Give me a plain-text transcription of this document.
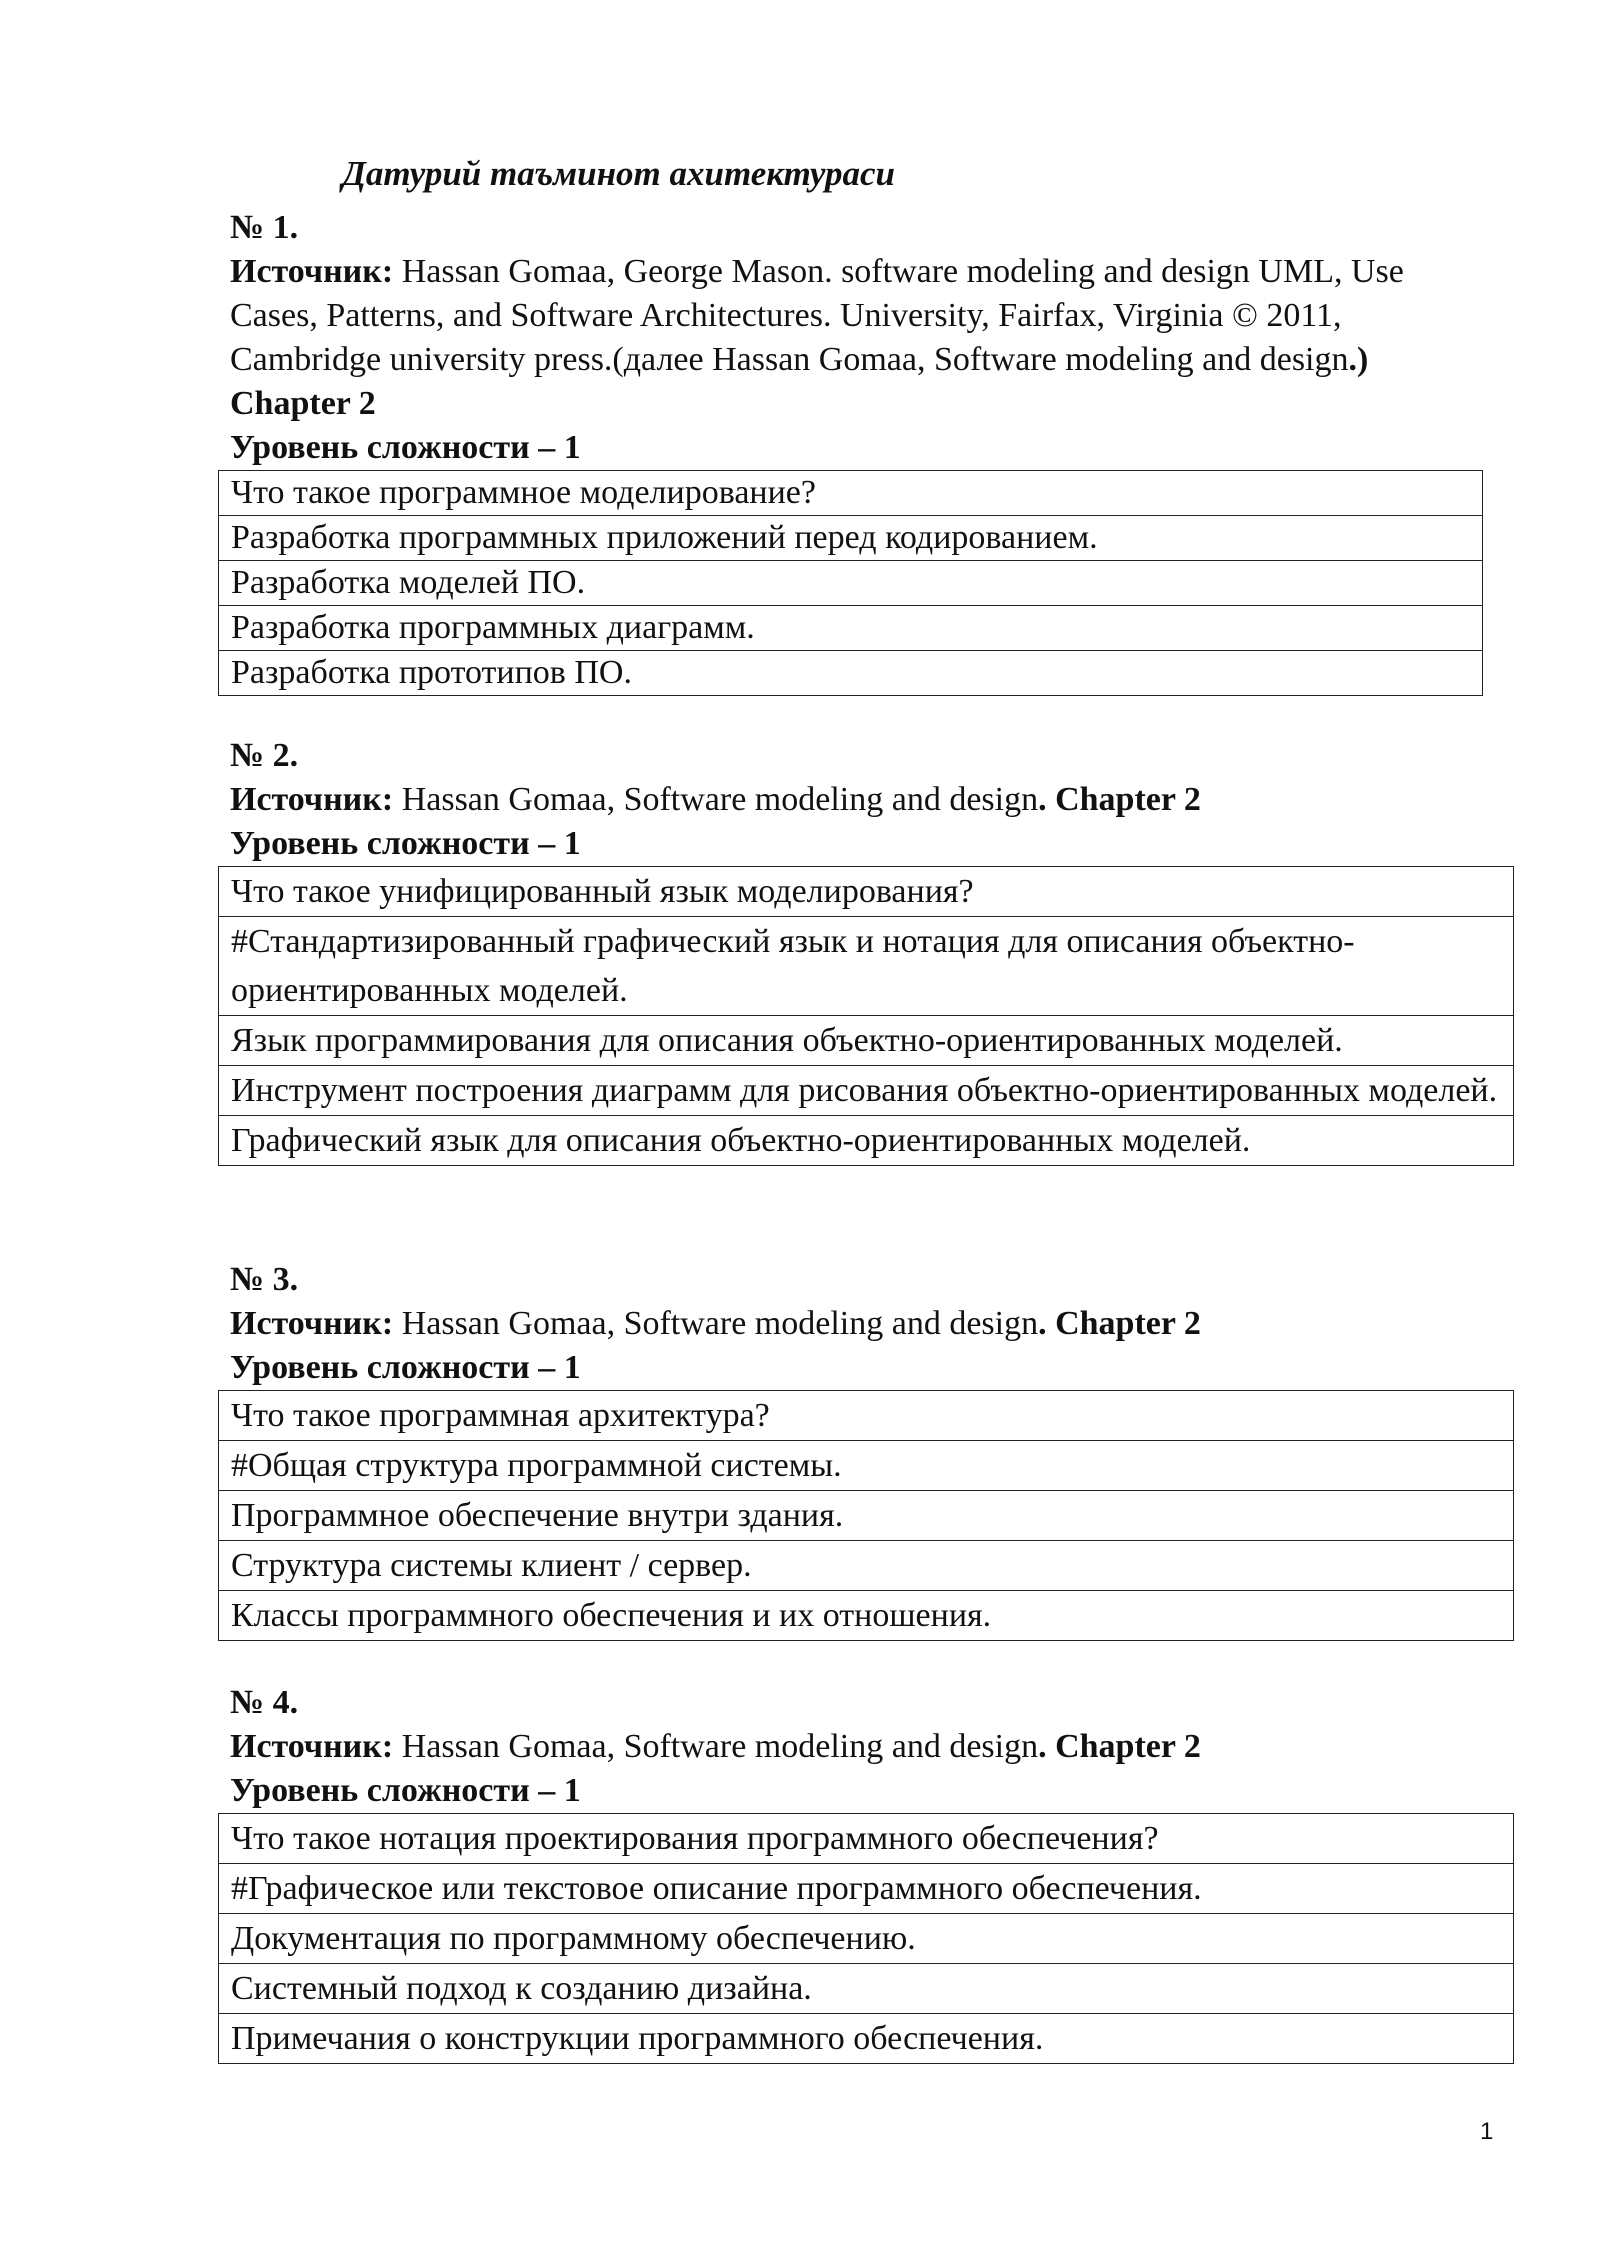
Датурий таъминот ахитектураси

№ 1.

Источник: Hassan Gomaa, George Mason. software modeling and design UML, Use Cases, Patterns, and Software Architectures. University, Fairfax, Virginia © 2011, Cambridge university press.(далее Hassan Gomaa, Software modeling and design.) Chapter 2

Уровень сложности – 1

Что такое программное моделирование?
Разработка программных приложений перед кодированием.
Разработка моделей ПО.
Разработка программных диаграмм.
Разработка прототипов ПО.

№ 2.

Источник: Hassan Gomaa, Software modeling and design. Chapter 2

Уровень сложности – 1

Что такое унифицированный язык моделирования?
#Стандартизированный графический язык и нотация для описания объектно-ориентированных моделей.
Язык программирования для описания объектно-ориентированных моделей.
Инструмент построения диаграмм для рисования объектно-ориентированных моделей.
Графический язык для описания объектно-ориентированных моделей.

№ 3.

Источник: Hassan Gomaa, Software modeling and design. Chapter 2

Уровень сложности – 1

Что такое программная архитектура?
#Общая структура программной системы.
Программное обеспечение внутри здания.
Структура системы клиент / сервер.
Классы программного обеспечения и их отношения.

№ 4.

Источник: Hassan Gomaa, Software modeling and design. Chapter 2

Уровень сложности – 1

Что такое нотация проектирования программного обеспечения?
#Графическое или текстовое описание программного обеспечения.
Документация по программному обеспечению.
Системный подход к созданию дизайна.
Примечания о конструкции программного обеспечения.
1
